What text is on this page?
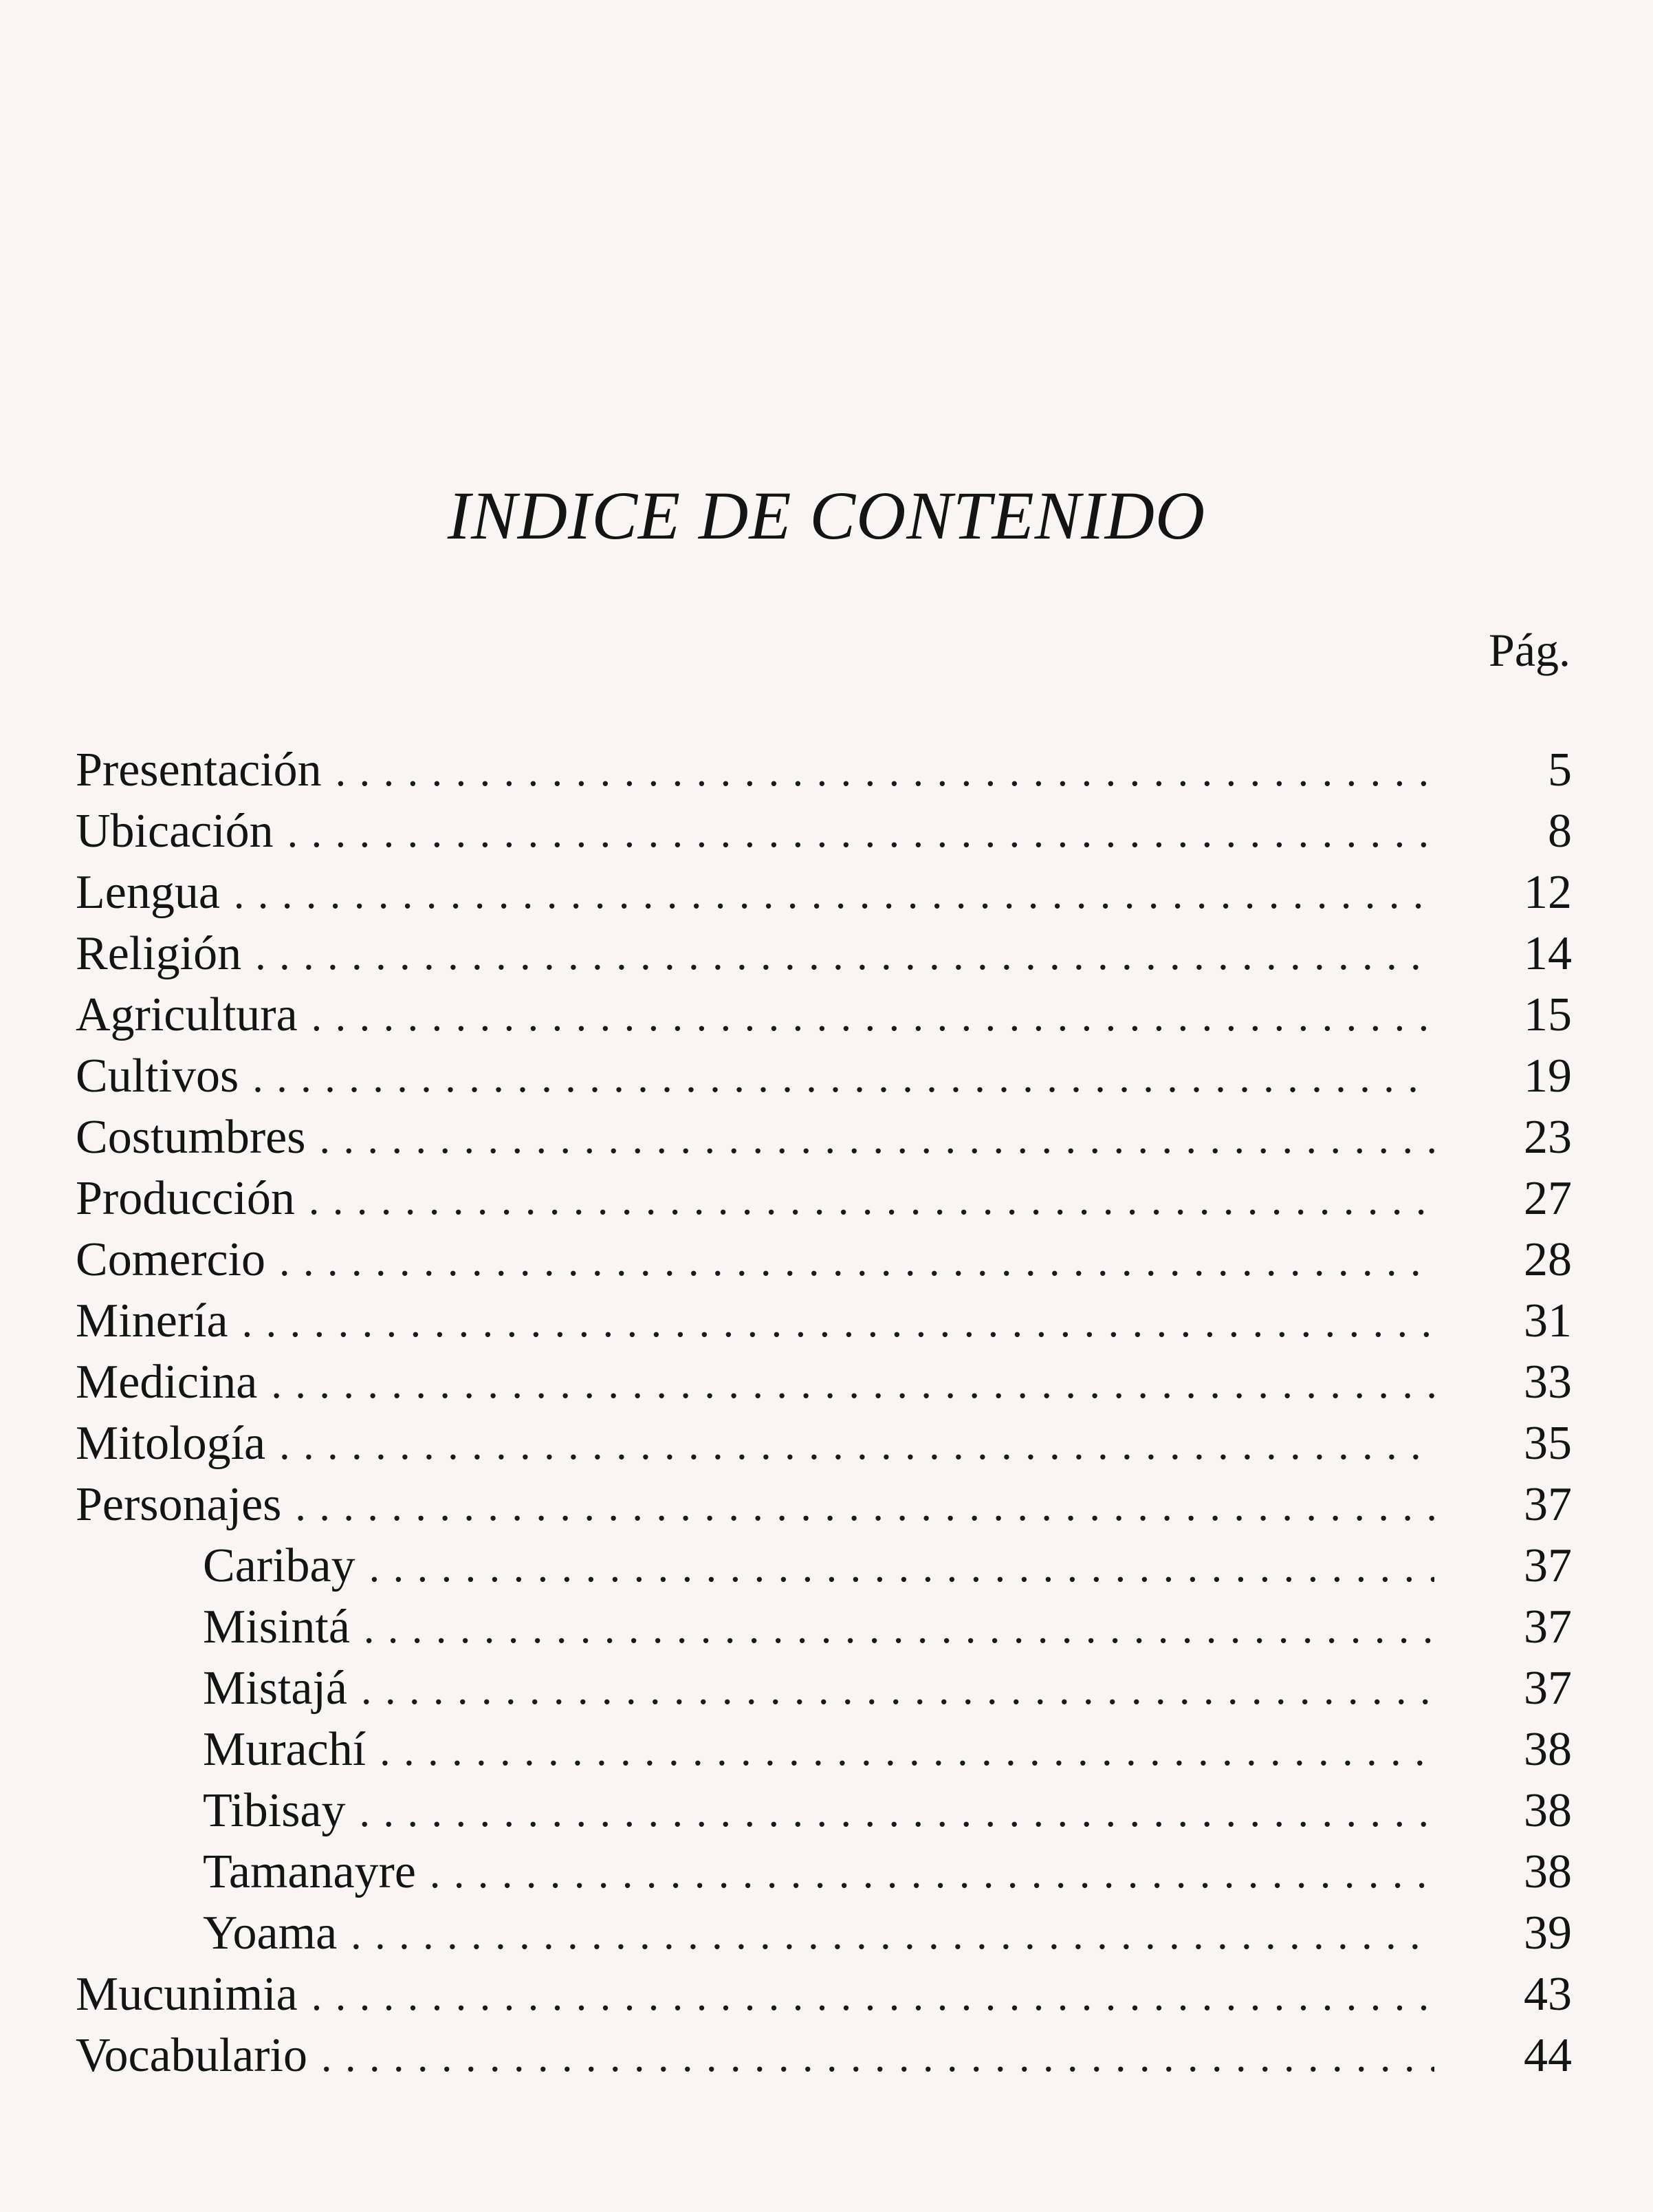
INDICE DE CONTENIDO
Pág.
Presentación . . .	5
Ubicación . . .	8
Lengua . . .	12
Religión . . .	14
Agricultura . . .	15
Cultivos . . .	19
Costumbres . . .	23
Producción . . .	27
Comercio . . .	28
Minería . . .	31
Medicina . . .	33
Mitología . . .	35
Personajes . . .	37
Caribay . . .	37
Misintá . . .	37
Mistajá . . .	37
Murachí . . .	38
Tibisay . . .	38
Tamanayre . . .	38
Yoama . . .	39
Mucunimia . . .	43
Vocabulario . . .	44
